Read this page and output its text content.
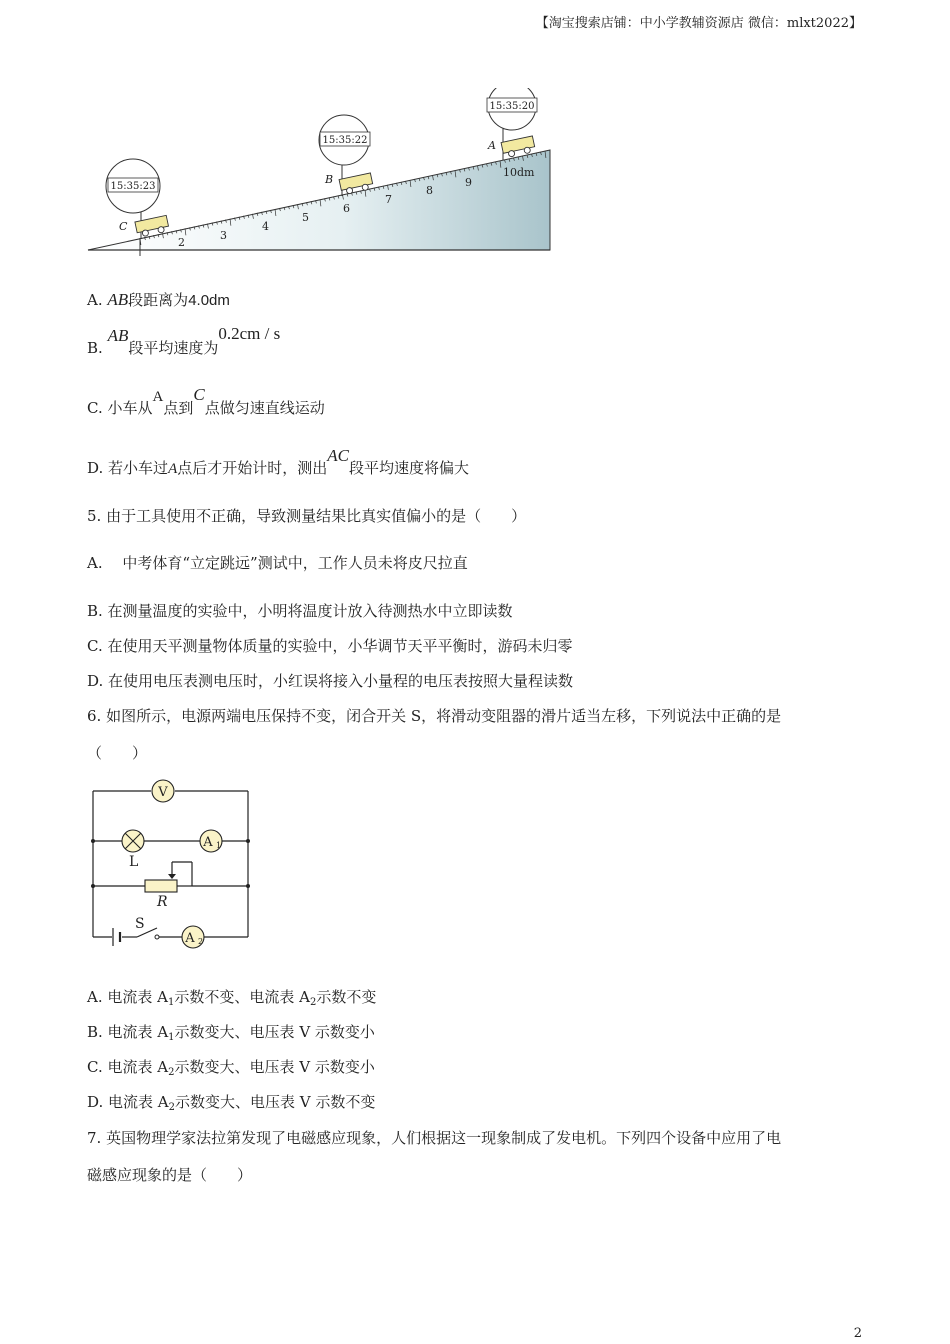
【淘宝搜索店铺：中小学教辅资源店 微信：mlxt2022】
2
3
4
5
6
7
8
9
10dm
15:35:23
C
15:35:22
B
15:35:20
A
A. AB段距离为4.0dm
B. AB段平均速度为0.2cm / s
C. 小车从A点到C点做匀速直线运动
D. 若小车过A点后才开始计时，测出AC段平均速度将偏大
5. 由于工具使用不正确，导致测量结果比真实值偏小的是（　　）
A.　 中考体育“立定跳远”测试中，工作人员未将皮尺拉直
B. 在测量温度的实验中，小明将温度计放入待测热水中立即读数
C. 在使用天平测量物体质量的实验中，小华调节天平平衡时，游码未归零
D. 在使用电压表测电压时，小红误将接入小量程的电压表按照大量程读数
6. 如图所示，电源两端电压保持不变，闭合开关 S，将滑动变阻器的滑片适当左移，下列说法中正确的是
（　　）
V
L
A 1
R
S
A 2
A. 电流表 $A_1$示数不变、电流表 $A_2$示数不变
B. 电流表 $A_1$示数变大、电压表 V 示数变小
C. 电流表 $A_2$示数变大、电压表 V 示数变小
D. 电流表 $A_2$示数变大、电压表 V 示数不变
7. 英国物理学家法拉第发现了电磁感应现象，人们根据这一现象制成了发电机。下列四个设备中应用了电
磁感应现象的是（　　）
2
